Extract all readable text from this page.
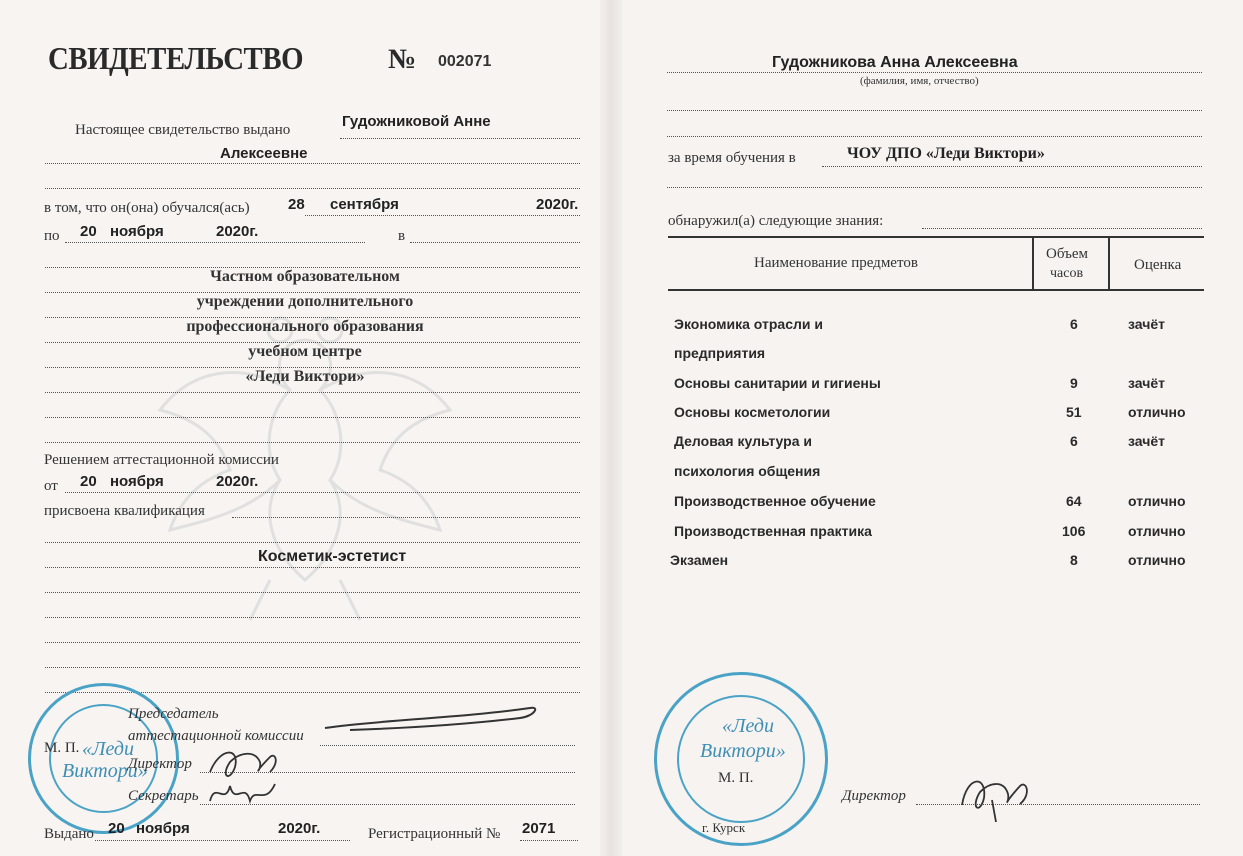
СВИДЕТЕЛЬСТВО	№ 002071
Настоящее свидетельство выдано	Гудожниковой Анне
Алексеевне
в том, что он(она) обучался(ась)	28 сентября	2020г.
по 20 ноября	2020г.	в
Частном образовательном
учреждении дополнительного
профессионального образования
учебном центре
«Леди Виктори»
Решением аттестационной комиссии
от 20 ноября	2020г.
присвоена квалификация
Косметик-эстетист
«Леди
Виктори»
Председатель
аттестационной комиссии
М. П.
Директор
Секретарь
Выдано 20 ноября	2020г.	Регистрационный № 2071
Гудожникова Анна Алексеевна
(фамилия, имя, отчество)
за время обучения в	ЧОУ ДПО «Леди Виктори»
обнаружил(а) следующие знания:
Наименование предметов
Объем
часов
Оценка
Экономика отрасли и	6	зачёт
предприятия
Основы санитарии и гигиены	9	зачёт
Основы косметологии	51	отлично
Деловая культура и	6	зачёт
психология общения
Производственное обучение	64	отлично
Производственная практика	106	отлично
Экзамен	8	отлично
«Леди
Виктори»
М. П.
г. Курск
Директор
